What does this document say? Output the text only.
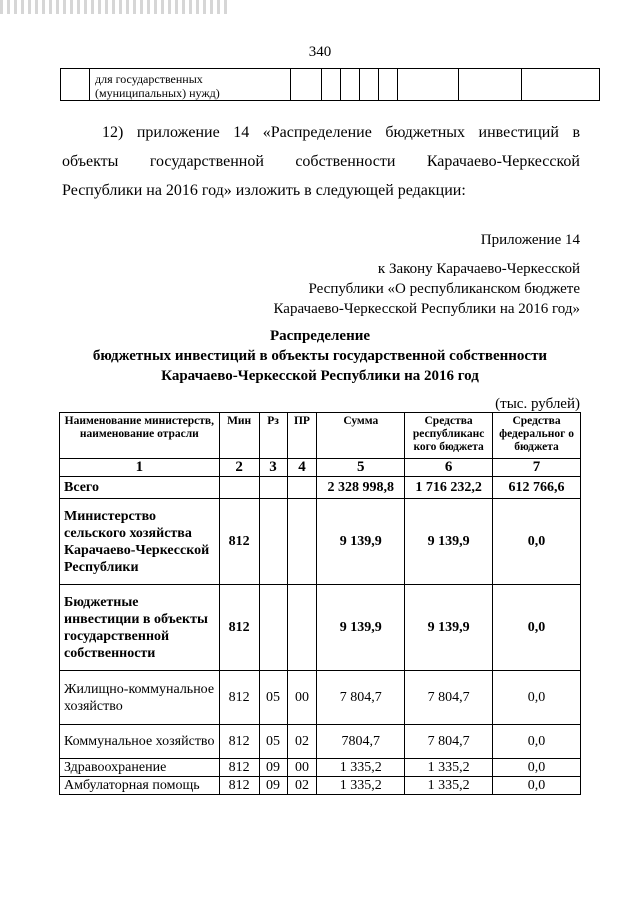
340

для государственных
(муниципальных) нужд)

12) приложение 14 «Распределение бюджетных инвестиций в объекты государственной собственности Карачаево-Черкесской Республики на 2016 год» изложить в следующей редакции:
Приложение 14
к Закону Карачаево-Черкесской
Республики «О республиканском бюджете
Карачаево-Черкесской Республики на 2016 год»
Распределение
бюджетных инвестиций в объекты государственной собственности
Карачаево-Черкесской Республики на 2016 год
(тыс. рублей)
Наименование министерств, наименование отрасли	Мин	Рз	ПР	Сумма	Средства республиканс кого бюджета	Средства федеральног о бюджета
1	2	3	4	5	6	7
Всего				2 328 998,8	1 716 232,2	612 766,6
Министерство сельского хозяйства Карачаево-Черкесской Республики	812			9 139,9	9 139,9	0,0
Бюджетные инвестиции в объекты государственной собственности	812			9 139,9	9 139,9	0,0
Жилищно-коммунальное хозяйство	812	05	00	7 804,7	7 804,7	0,0
Коммунальное хозяйство	812	05	02	7804,7	7 804,7	0,0
Здравоохранение	812	09	00	1 335,2	1 335,2	0,0
Амбулаторная помощь	812	09	02	1 335,2	1 335,2	0,0
